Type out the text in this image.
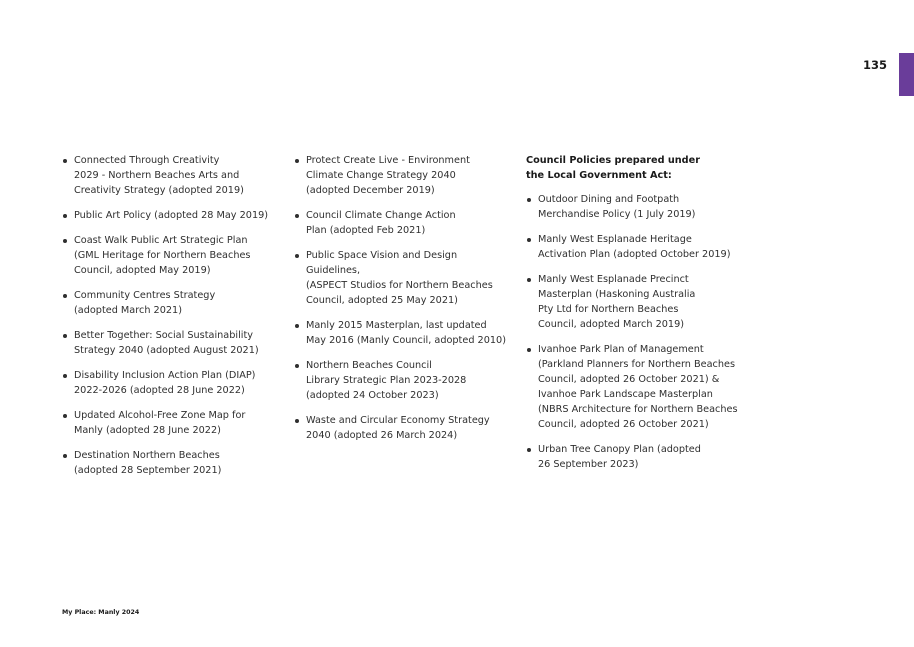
135
Connected Through Creativity
2029 - Northern Beaches Arts and
Creativity Strategy (adopted 2019)
Public Art Policy (adopted 28 May 2019)
Coast Walk Public Art Strategic Plan
(GML Heritage for Northern Beaches
Council, adopted May 2019)
Community Centres Strategy
(adopted March 2021)
Better Together: Social Sustainability
Strategy 2040 (adopted August 2021)
Disability Inclusion Action Plan (DIAP)
2022-2026 (adopted 28 June 2022)
Updated Alcohol-Free Zone Map for
Manly (adopted 28 June 2022)
Destination Northern Beaches
(adopted 28 September 2021)
Protect Create Live - Environment
Climate Change Strategy 2040
(adopted December 2019)
Council Climate Change Action
Plan (adopted Feb 2021)
Public Space Vision and Design Guidelines,
(ASPECT Studios for Northern Beaches
Council, adopted 25 May 2021)
Manly 2015 Masterplan, last updated
May 2016 (Manly Council, adopted 2010)
Northern Beaches Council
Library Strategic Plan 2023-2028
(adopted 24 October 2023)
Waste and Circular Economy Strategy
2040 (adopted 26 March 2024)
Council Policies prepared under
the Local Government Act:
Outdoor Dining and Footpath
Merchandise Policy (1 July 2019)
Manly West Esplanade Heritage
Activation Plan (adopted October 2019)
Manly West Esplanade Precinct
Masterplan (Haskoning Australia
Pty Ltd for Northern Beaches
Council, adopted March 2019)
Ivanhoe Park Plan of Management
(Parkland Planners for Northern Beaches
Council, adopted 26 October 2021) &
Ivanhoe Park Landscape Masterplan
(NBRS Architecture for Northern Beaches
Council, adopted 26 October 2021)
Urban Tree Canopy Plan (adopted
26 September 2023)
My Place: Manly 2024
